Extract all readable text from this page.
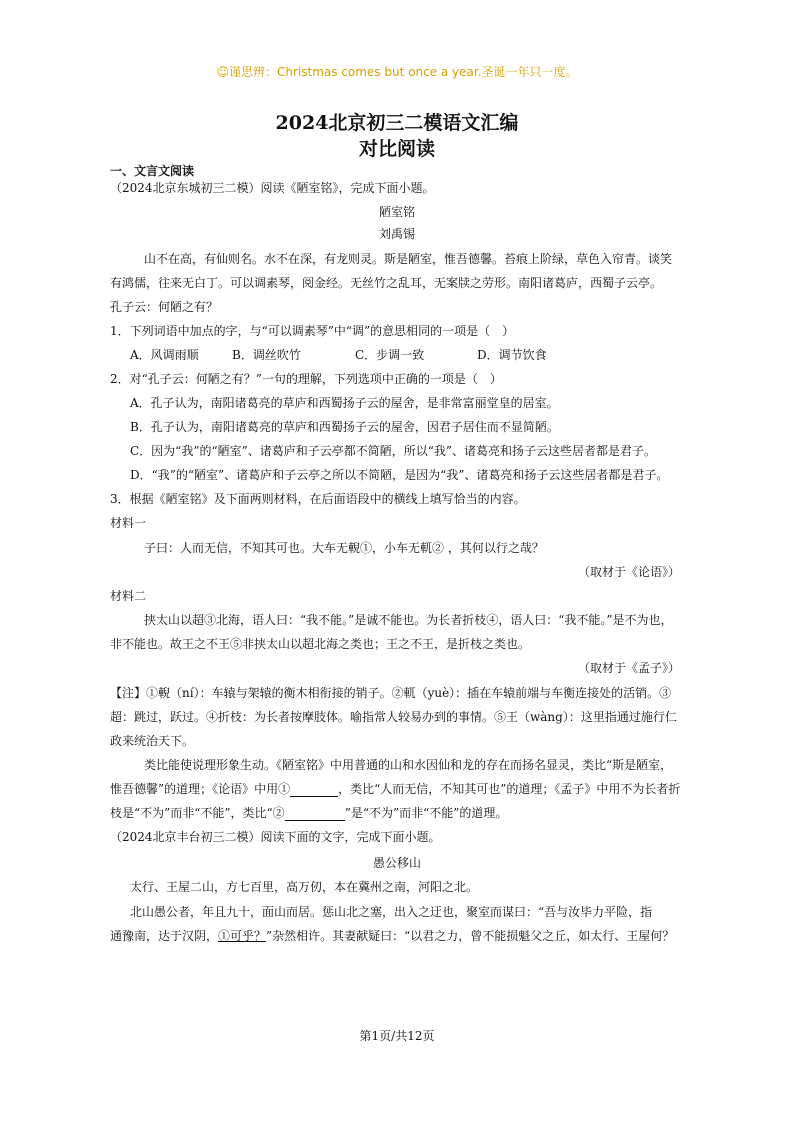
☺谨思辨：Christmas comes but once a year.圣诞一年只一度。
2024北京初三二模语文汇编
对比阅读
一、文言文阅读
（2024北京东城初三二模）阅读《陋室铭》，完成下面小题。
陋室铭
刘禹锡
山不在高，有仙则名。水不在深，有龙则灵。斯是陋室，惟吾德馨。苔痕上阶绿，草色入帘青。谈笑
有鸿儒，往来无白丁。可以调素琴，阅金经。无丝竹之乱耳，无案牍之劳形。南阳诸葛庐，西蜀子云亭。
孔子云：何陋之有？
1．下列词语中加点的字，与“可以调素琴”中“调”的意思相同的一项是（　）
A．风调雨顺	B．调丝吹竹	C．步调一致	D．调节饮食
2．对“孔子云：何陋之有？”一句的理解，下列选项中正确的一项是（　）
A．孔子认为，南阳诸葛亮的草庐和西蜀扬子云的屋舍，是非常富丽堂皇的居室。
B．孔子认为，南阳诸葛亮的草庐和西蜀扬子云的屋舍，因君子居住而不显简陋。
C．因为“我”的“陋室”、诸葛庐和子云亭都不简陋，所以“我”、诸葛亮和扬子云这些居者都是君子。
D．“我”的“陋室”、诸葛庐和子云亭之所以不简陋，是因为“我”、诸葛亮和扬子云这些居者都是君子。
3．根据《陋室铭》及下面两则材料，在后面语段中的横线上填写恰当的内容。
材料一
子曰：人而无信，不知其可也。大车无輗①，小车无軏② ，其何以行之哉？
（取材于《论语》）
材料二
挟太山以超③北海，语人曰：“我不能。”是诚不能也。为长者折枝④，语人曰：“我不能。”是不为也，
非不能也。故王之不王⑤非挟太山以超北海之类也；王之不王，是折枝之类也。
（取材于《孟子》）
【注】①輗（ní）：车辕与架辕的衡木相衔接的销子。②軏（yuè）：插在车辕前端与车衡连接处的活销。③
超：跳过，跃过。④折枝：为长者按摩肢体。喻指常人较易办到的事情。⑤王（wàng）：这里指通过施行仁
政来统治天下。
类比能使说理形象生动。《陋室铭》中用普通的山和水因仙和龙的存在而扬名显灵，类比“斯是陋室，
惟吾德馨”的道理；《论语》中用①	，类比“人而无信，不知其可也”的道理；《孟子》中用不为长者折
枝是“不为”而非“不能”，类比“②	”是“不为”而非“不能”的道理。
（2024北京丰台初三二模）阅读下面的文字，完成下面小题。
愚公移山
太行、王屋二山，方七百里，高万仞，本在冀州之南，河阳之北。
北山愚公者，年且九十，面山而居。惩山北之塞，出入之迂也，聚室而谋曰：“吾与汝毕力平险，指
通豫南，达于汉阴，①可乎？”杂然相许。其妻献疑曰：“以君之力，曾不能损魁父之丘，如太行、王屋何？
第1页/共12页
